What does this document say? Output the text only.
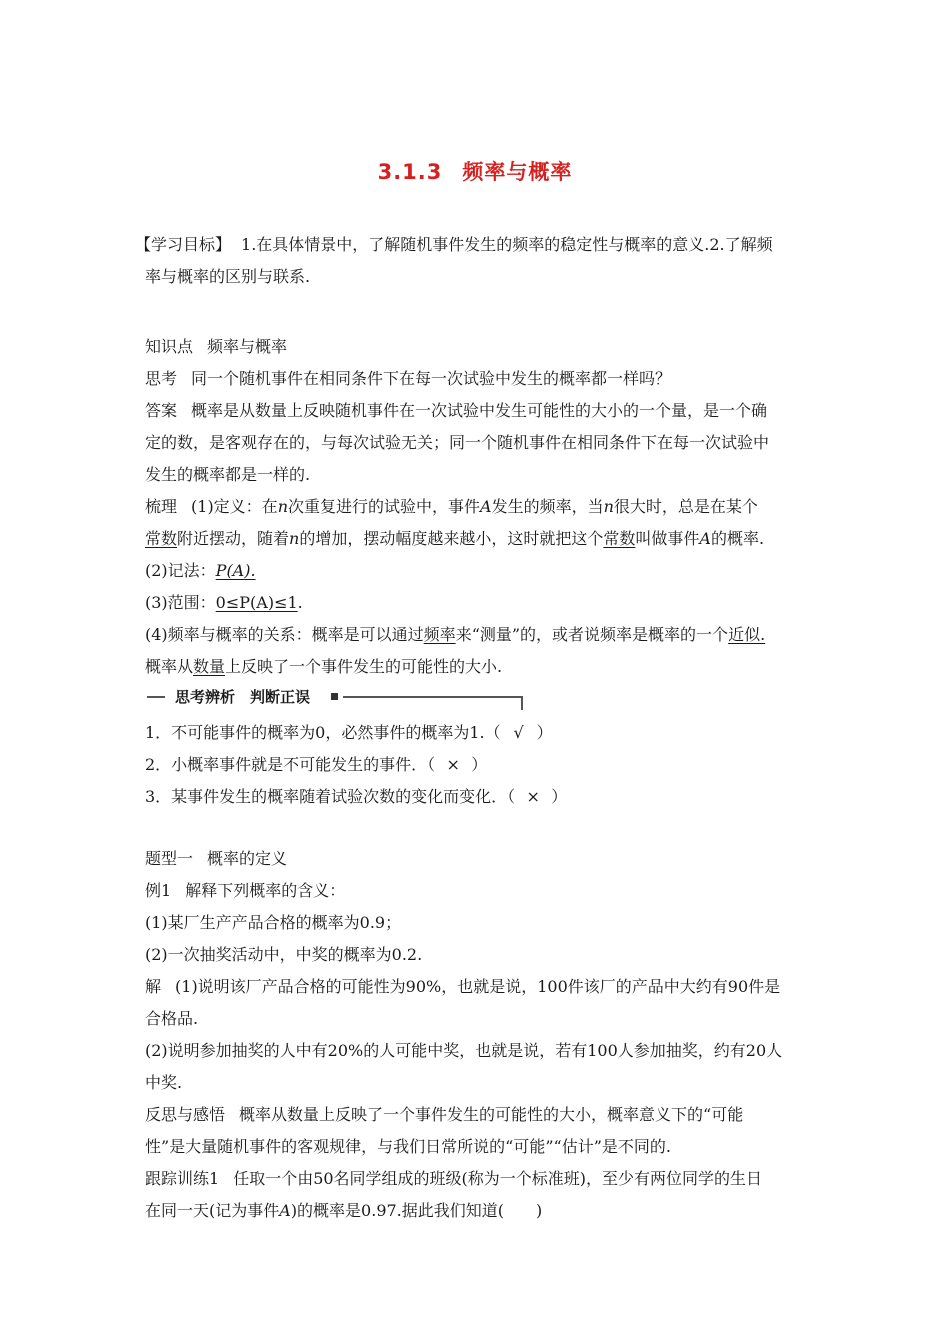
3.1.3 频率与概率
【学习目标】 1.在具体情景中，了解随机事件发生的频率的稳定性与概率的意义.2.了解频
率与概率的区别与联系.
知识点 频率与概率
思考 同一个随机事件在相同条件下在每一次试验中发生的概率都一样吗？
答案 概率是从数量上反映随机事件在一次试验中发生可能性的大小的一个量，是一个确
定的数，是客观存在的，与每次试验无关；同一个随机事件在相同条件下在每一次试验中
发生的概率都是一样的.
梳理 (1)定义：在n次重复进行的试验中，事件A发生的频率，当n很大时，总是在某个
常数附近摆动，随着n的增加，摆动幅度越来越小，这时就把这个常数叫做事件A的概率.
(2)记法：P(A).
(3)范围：0≤P(A)≤1.
(4)频率与概率的关系：概率是可以通过频率来“测量”的，或者说频率是概率的一个近似.
概率从数量上反映了一个事件发生的可能性的大小.
思考辨析　判断正误
1．不可能事件的概率为0，必然事件的概率为1.（ √ ）
2．小概率事件就是不可能发生的事件．（ × ）
3．某事件发生的概率随着试验次数的变化而变化．（ × ）
题型一 概率的定义
例1 解释下列概率的含义：
(1)某厂生产产品合格的概率为0.9；
(2)一次抽奖活动中，中奖的概率为0.2.
解 (1)说明该厂产品合格的可能性为90%，也就是说，100件该厂的产品中大约有90件是
合格品.
(2)说明参加抽奖的人中有20%的人可能中奖，也就是说，若有100人参加抽奖，约有20人
中奖.
反思与感悟 概率从数量上反映了一个事件发生的可能性的大小，概率意义下的“可能
性”是大量随机事件的客观规律，与我们日常所说的“可能”“估计”是不同的.
跟踪训练1 任取一个由50名同学组成的班级(称为一个标准班)，至少有两位同学的生日
在同一天(记为事件A)的概率是0.97.据此我们知道(　　)
